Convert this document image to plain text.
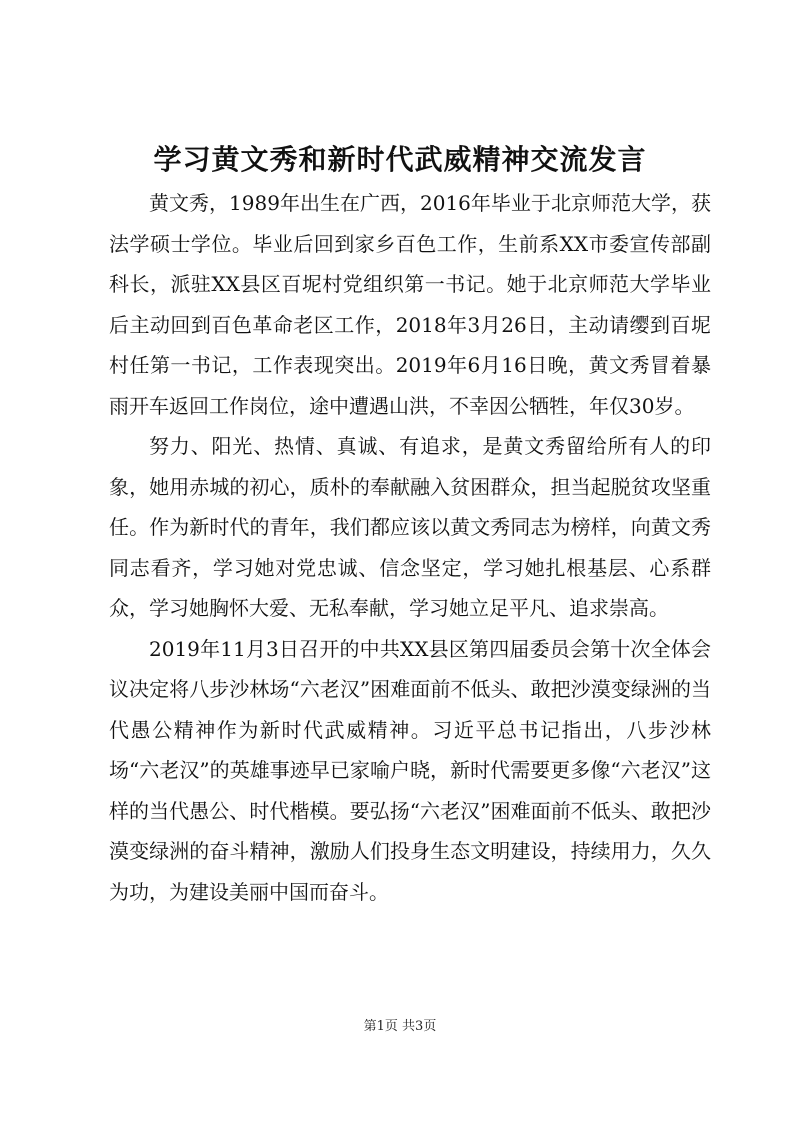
学习黄文秀和新时代武威精神交流发言

黄文秀，1989年出生在广西，2016年毕业于北京师范大学，获法学硕士学位。毕业后回到家乡百色工作，生前系XX市委宣传部副科长，派驻XX县区百坭村党组织第一书记。她于北京师范大学毕业后主动回到百色革命老区工作，2018年3月26日，主动请缨到百坭村任第一书记，工作表现突出。2019年6月16日晚，黄文秀冒着暴雨开车返回工作岗位，途中遭遇山洪，不幸因公牺牲，年仅30岁。

努力、阳光、热情、真诚、有追求，是黄文秀留给所有人的印象，她用赤城的初心，质朴的奉献融入贫困群众，担当起脱贫攻坚重任。作为新时代的青年，我们都应该以黄文秀同志为榜样，向黄文秀同志看齐，学习她对党忠诚、信念坚定，学习她扎根基层、心系群众，学习她胸怀大爱、无私奉献，学习她立足平凡、追求崇高。

2019年11月3日召开的中共XX县区第四届委员会第十次全体会议决定将八步沙林场“六老汉”困难面前不低头、敢把沙漠变绿洲的当代愚公精神作为新时代武威精神。习近平总书记指出，八步沙林场“六老汉”的英雄事迹早已家喻户晓，新时代需要更多像“六老汉”这样的当代愚公、时代楷模。要弘扬“六老汉”困难面前不低头、敢把沙漠变绿洲的奋斗精神，激励人们投身生态文明建设，持续用力，久久为功，为建设美丽中国而奋斗。

第1页 共3页
